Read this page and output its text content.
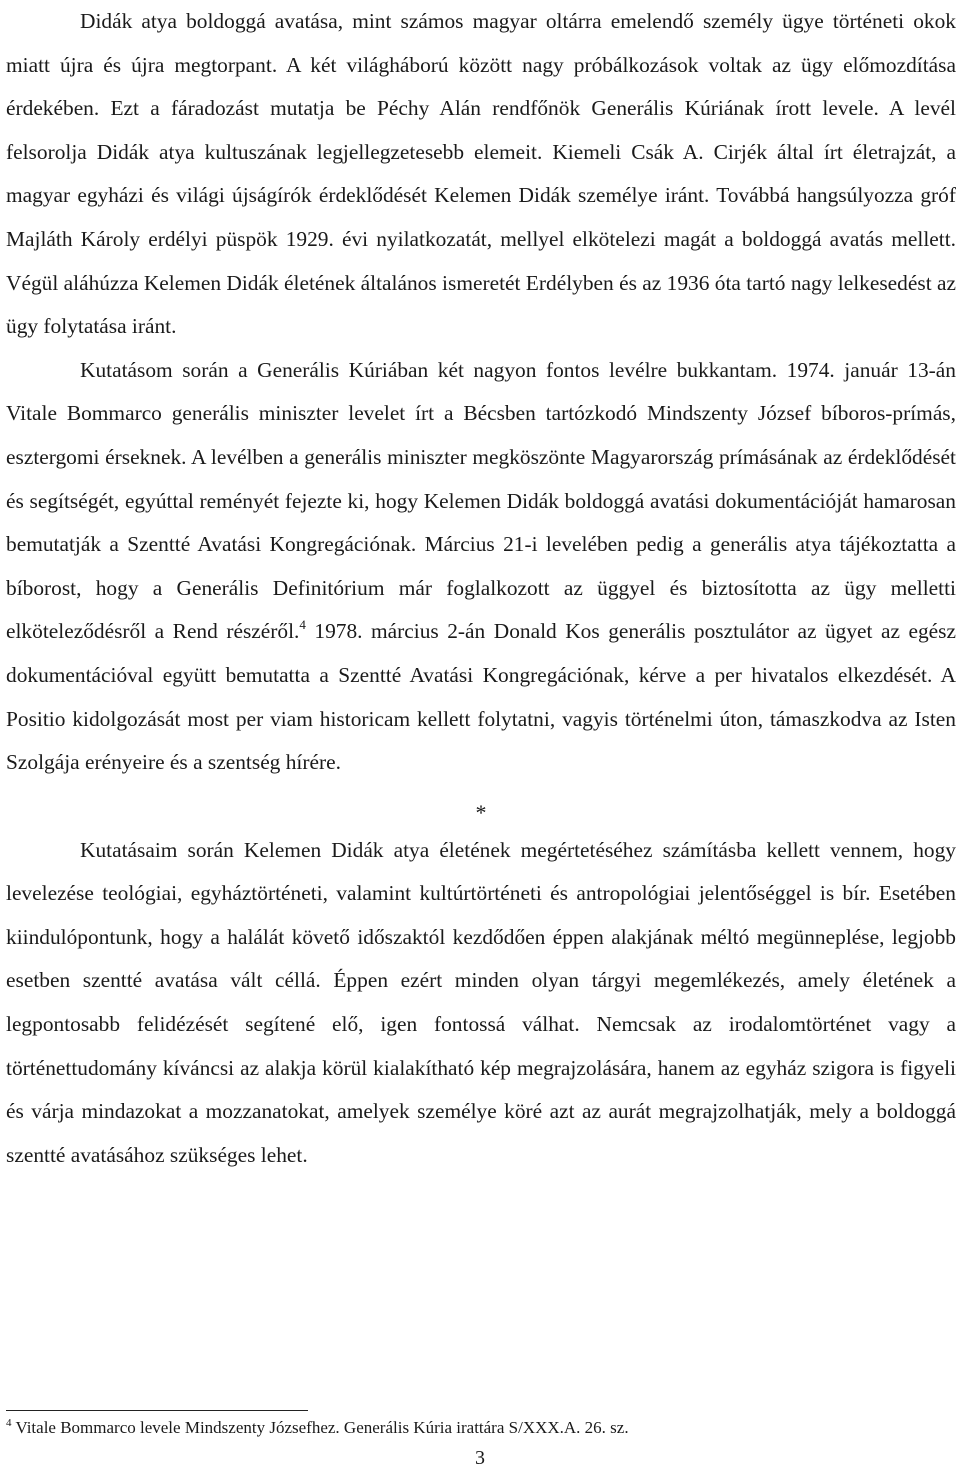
Didák atya boldoggá avatása, mint számos magyar oltárra emelendő személy ügye történeti okok miatt újra és újra megtorpant. A két világháború között nagy próbálkozások voltak az ügy előmozdítása érdekében. Ezt a fáradozást mutatja be Péchy Alán rendfőnök Generális Kúriának írott levele. A levél felsorolja Didák atya kultuszának legjellegzetesebb elemeit. Kiemeli Csák A. Cirjék által írt életrajzát, a magyar egyházi és világi újságírók érdeklődését Kelemen Didák személye iránt. Továbbá hangsúlyozza gróf Majláth Károly erdélyi püspök 1929. évi nyilatkozatát, mellyel elkötelezi magát a boldoggá avatás mellett. Végül aláhúzza Kelemen Didák életének általános ismeretét Erdélyben és az 1936 óta tartó nagy lelkesedést az ügy folytatása iránt.

Kutatásom során a Generális Kúriában két nagyon fontos levélre bukkantam. 1974. január 13-án Vitale Bommarco generális miniszter levelet írt a Bécsben tartózkodó Mindszenty József bíboros-prímás, esztergomi érseknek. A levélben a generális miniszter megköszönte Magyarország prímásának az érdeklődését és segítségét, egyúttal reményét fejezte ki, hogy Kelemen Didák boldoggá avatási dokumentációját hamarosan bemutatják a Szentté Avatási Kongregációnak. Március 21-i levelében pedig a generális atya tájékoztatta a bíborost, hogy a Generális Definitórium már foglalkozott az üggyel és biztosította az ügy melletti elköteleződésről a Rend részéről.$^4$ 1978. március 2-án Donald Kos generális posztulátor az ügyet az egész dokumentációval együtt bemutatta a Szentté Avatási Kongregációnak, kérve a per hivatalos elkezdését. A Positio kidolgozását most per viam historicam kellett folytatni, vagyis történelmi úton, támaszkodva az Isten Szolgája erényeire és a szentség hírére.

*

Kutatásaim során Kelemen Didák atya életének megértetéséhez számításba kellett vennem, hogy levelezése teológiai, egyháztörténeti, valamint kultúrtörténeti és antropológiai jelentőséggel is bír. Esetében kiindulópontunk, hogy a halálát követő időszaktól kezdődően éppen alakjának méltó megünneplése, legjobb esetben szentté avatása vált céllá. Éppen ezért minden olyan tárgyi megemlékezés, amely életének a legpontosabb felidézését segítené elő, igen fontossá válhat. Nemcsak az irodalomtörténet vagy a történettudomány kíváncsi az alakja körül kialakítható kép megrajzolására, hanem az egyház szigora is figyeli és várja mindazokat a mozzanatokat, amelyek személye köré azt az aurát megrajzolhatják, mely a boldoggá szentté avatásához szükséges lehet.

$^4$ Vitale Bommarco levele Mindszenty Józsefhez. Generális Kúria irattára S/XXX.A. 26. sz.

3
